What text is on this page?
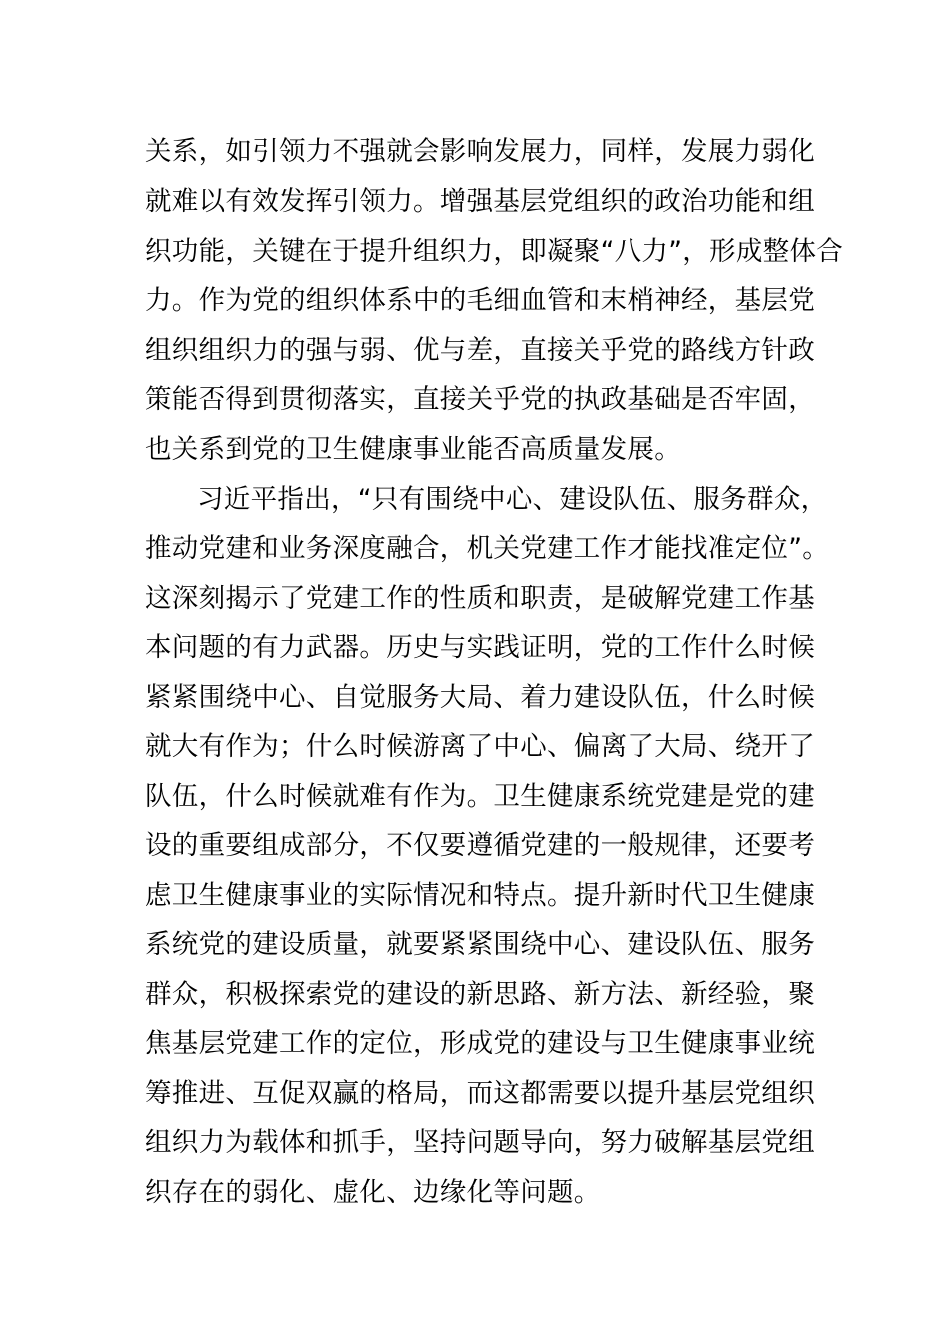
关系，如引领力不强就会影响发展力，同样，发展力弱化
就难以有效发挥引领力。增强基层党组织的政治功能和组
织功能，关键在于提升组织力，即凝聚“八力”，形成整体合
力。作为党的组织体系中的毛细血管和末梢神经，基层党
组织组织力的强与弱、优与差，直接关乎党的路线方针政
策能否得到贯彻落实，直接关乎党的执政基础是否牢固，
也关系到党的卫生健康事业能否高质量发展。
习近平指出，“只有围绕中心、建设队伍、服务群众，
推动党建和业务深度融合，机关党建工作才能找准定位”。
这深刻揭示了党建工作的性质和职责，是破解党建工作基
本问题的有力武器。历史与实践证明，党的工作什么时候
紧紧围绕中心、自觉服务大局、着力建设队伍，什么时候
就大有作为；什么时候游离了中心、偏离了大局、绕开了
队伍，什么时候就难有作为。卫生健康系统党建是党的建
设的重要组成部分，不仅要遵循党建的一般规律，还要考
虑卫生健康事业的实际情况和特点。提升新时代卫生健康
系统党的建设质量，就要紧紧围绕中心、建设队伍、服务
群众，积极探索党的建设的新思路、新方法、新经验，聚
焦基层党建工作的定位，形成党的建设与卫生健康事业统
筹推进、互促双赢的格局，而这都需要以提升基层党组织
组织力为载体和抓手，坚持问题导向，努力破解基层党组
织存在的弱化、虚化、边缘化等问题。
